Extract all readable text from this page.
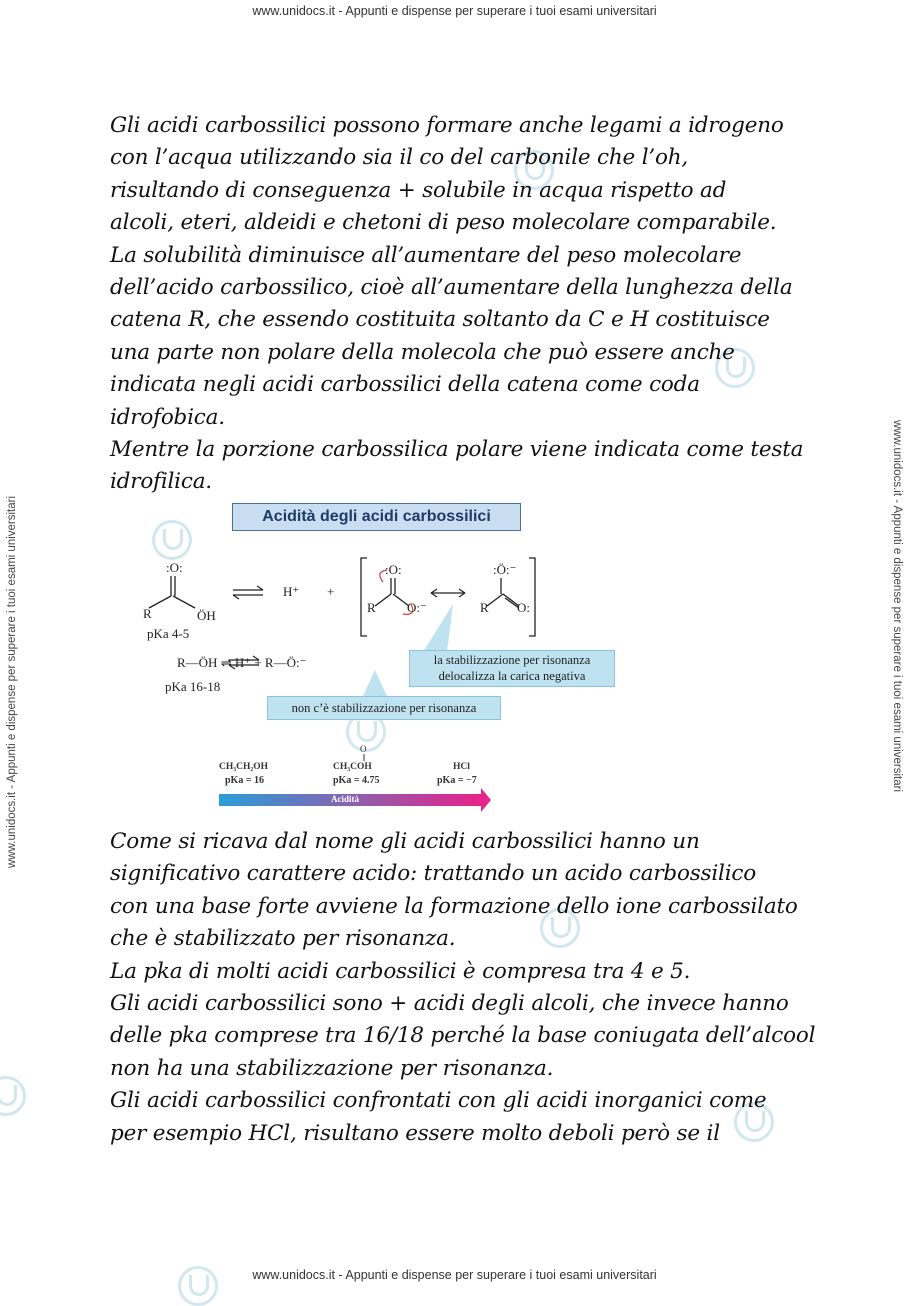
www.unidocs.it - Appunti e dispense per superare i tuoi esami universitari
www.unidocs.it - Appunti e dispense per superare i tuoi esami universitari
www.unidocs.it - Appunti e dispense per superare i tuoi esami universitari	www.unidocs.it - Appunti e dispense per superare i tuoi esami universitari
Gli acidi carbossilici possono formare anche legami a idrogeno
con l’acqua utilizzando sia il co del carbonile che l’oh,
risultando di conseguenza + solubile in acqua rispetto ad
alcoli, eteri, aldeidi e chetoni di peso molecolare comparabile.
La solubilità diminuisce all’aumentare del peso molecolare
dell’acido carbossilico, cioè all’aumentare della lunghezza della
catena R, che essendo costituita soltanto da C e H costituisce
una parte non polare della molecola che può essere anche
indicata negli acidi carbossilici della catena come coda
idrofobica.
Mentre la porzione carbossilica polare viene indicata come testa
idrofilica.
Acidità degli acidi carbossilici
R
:O:
ÖH
:O:
R O:⁻
:Ö:⁻
R O:
O
H⁺ +
pKa 4-5
R—ÖH ⇌ H⁺ + R—Ö:⁻
pKa 16-18
la stabilizzazione per risonanza
delocalizza la carica negativa
non c’è stabilizzazione per risonanza
CH₃CH₂OH	CH₃COH	HCl
pKa = 16	pKa = 4.75	pKa = −7
Acidità
Come si ricava dal nome gli acidi carbossilici hanno un
significativo carattere acido: trattando un acido carbossilico
con una base forte avviene la formazione dello ione carbossilato
che è stabilizzato per risonanza.
La pka di molti acidi carbossilici è compresa tra 4 e 5.
Gli acidi carbossilici sono + acidi degli alcoli, che invece hanno
delle pka comprese tra 16/18 perché la base coniugata dell’alcool
non ha una stabilizzazione per risonanza.
Gli acidi carbossilici confrontati con gli acidi inorganici come
per esempio HCl, risultano essere molto deboli però se il
